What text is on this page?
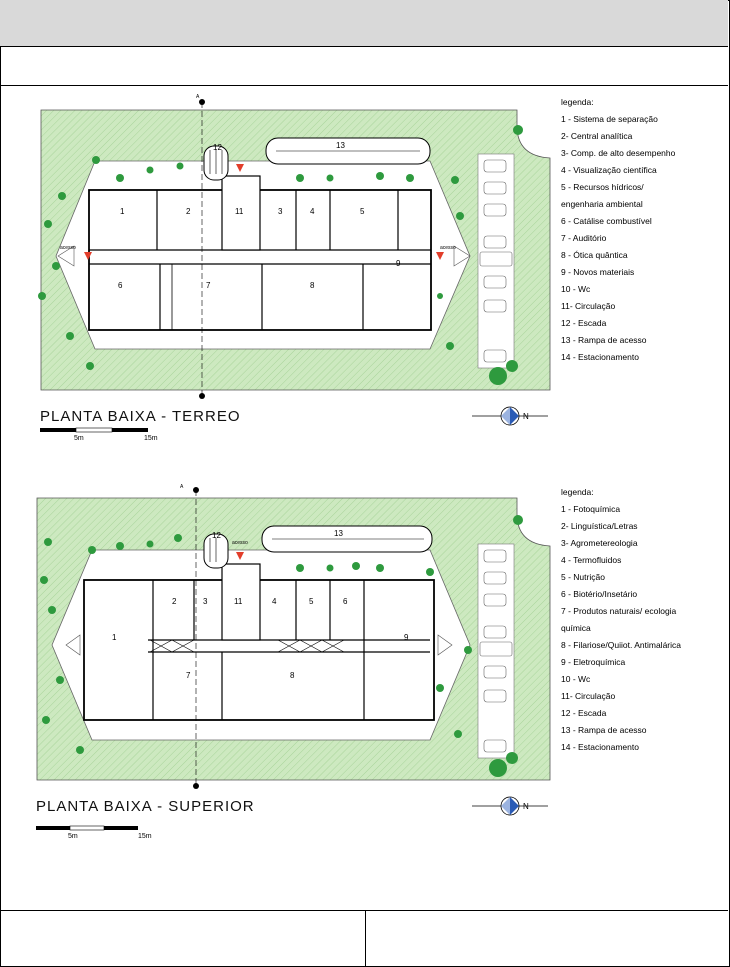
1	2	11	3	4	5
6	7	8
9
12	13
acesso	acesso
A	legenda:
1 - Sistema de separação
2- Central analítica
3- Comp. de alto desempenho
4 - Visualização científica
5 - Recursos hídricos/
engenharia ambiental
6 - Catálise combustível
7 - Auditório
8 - Ótica quântica
9 - Novos materiais
10 - Wc
11- Circulação
12 - Escada
13 - Rampa de acesso
14 - Estacionamento
PLANTA BAIXA - TERREO	N
5m	15m
2	3	11	4	5	6
1	9
7	8
12	13
acesso
A	legenda:
1 - Fotoquímica
2- Linguística/Letras
3- Agrometereologia
4 - Termofluidos
5 - Nutrição
6 - Biotério/Insetário
7 - Produtos naturais/ ecologia
química
8 - Filariose/Quiiot. Antimalárica
9 - Eletroquímica
10 - Wc
11- Circulação
12 - Escada
13 - Rampa de acesso
14 - Estacionamento
PLANTA BAIXA - SUPERIOR	N
5m	15m
